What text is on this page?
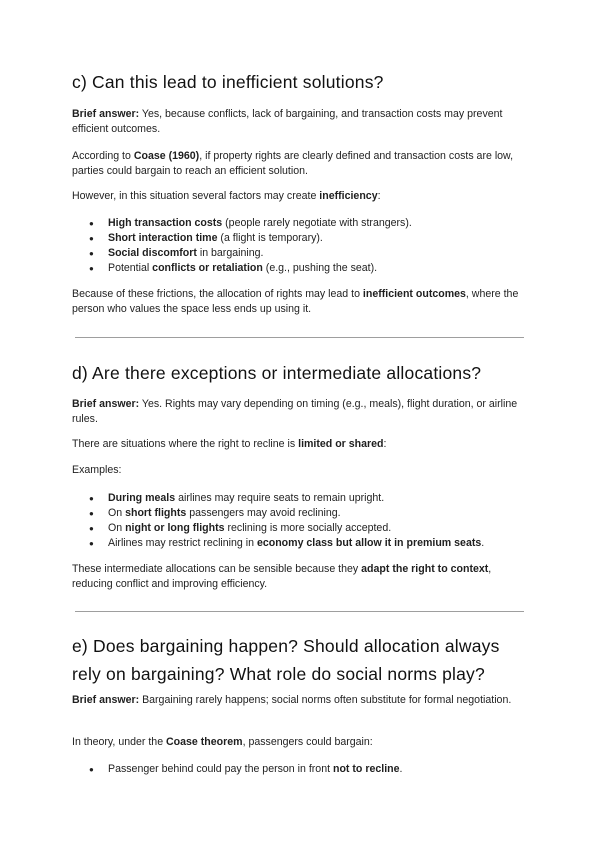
c) Can this lead to inefficient solutions?

Brief answer: Yes, because conflicts, lack of bargaining, and transaction costs may prevent efficient outcomes.

According to Coase (1960), if property rights are clearly defined and transaction costs are low, parties could bargain to reach an efficient solution.

However, in this situation several factors may create inefficiency:

● High transaction costs (people rarely negotiate with strangers).
● Short interaction time (a flight is temporary).
● Social discomfort in bargaining.
● Potential conflicts or retaliation (e.g., pushing the seat).

Because of these frictions, the allocation of rights may lead to inefficient outcomes, where the person who values the space less ends up using it.

d) Are there exceptions or intermediate allocations?

Brief answer: Yes. Rights may vary depending on timing (e.g., meals), flight duration, or airline rules.

There are situations where the right to recline is limited or shared:

Examples:

● During meals airlines may require seats to remain upright.
● On short flights passengers may avoid reclining.
● On night or long flights reclining is more socially accepted.
● Airlines may restrict reclining in economy class but allow it in premium seats.

These intermediate allocations can be sensible because they adapt the right to context, reducing conflict and improving efficiency.

e) Does bargaining happen? Should allocation always rely on bargaining? What role do social norms play?

Brief answer: Bargaining rarely happens; social norms often substitute for formal negotiation.

In theory, under the Coase theorem, passengers could bargain:

● Passenger behind could pay the person in front not to recline.
